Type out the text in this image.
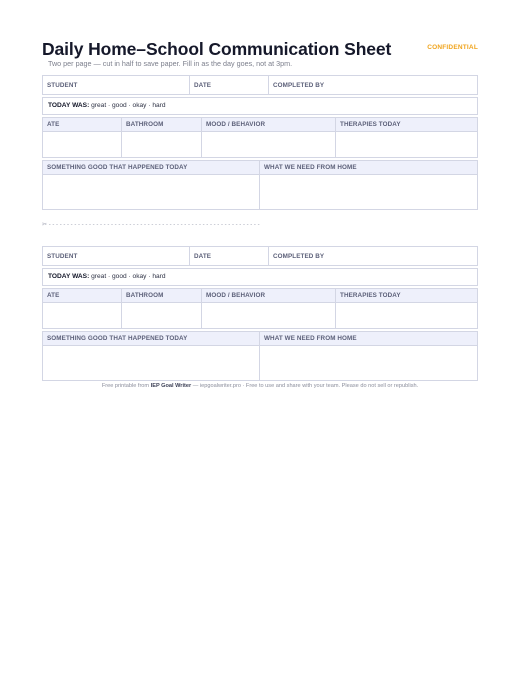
Daily Home–School Communication Sheet	CONFIDENTIAL
Two per page — cut in half to save paper. Fill in as the day goes, not at 3pm.
STUDENT	DATE	COMPLETED BY
TODAY WAS: great · good · okay · hard
ATE	BATHROOM	MOOD / BEHAVIOR	THERAPIES TODAY

SOMETHING GOOD THAT HAPPENED TODAY	WHAT WE NEED FROM HOME

✂ - - - - - - - - - - - - - - - - - - - - - - - - - - - - - - - - - - - - - - - - - - - - - - - - - - - - - - - - - -
STUDENT	DATE	COMPLETED BY
TODAY WAS: great · good · okay · hard
ATE	BATHROOM	MOOD / BEHAVIOR	THERAPIES TODAY

SOMETHING GOOD THAT HAPPENED TODAY	WHAT WE NEED FROM HOME

Free printable from IEP Goal Writer — iepgoalwriter.pro · Free to use and share with your team. Please do not sell or republish.
